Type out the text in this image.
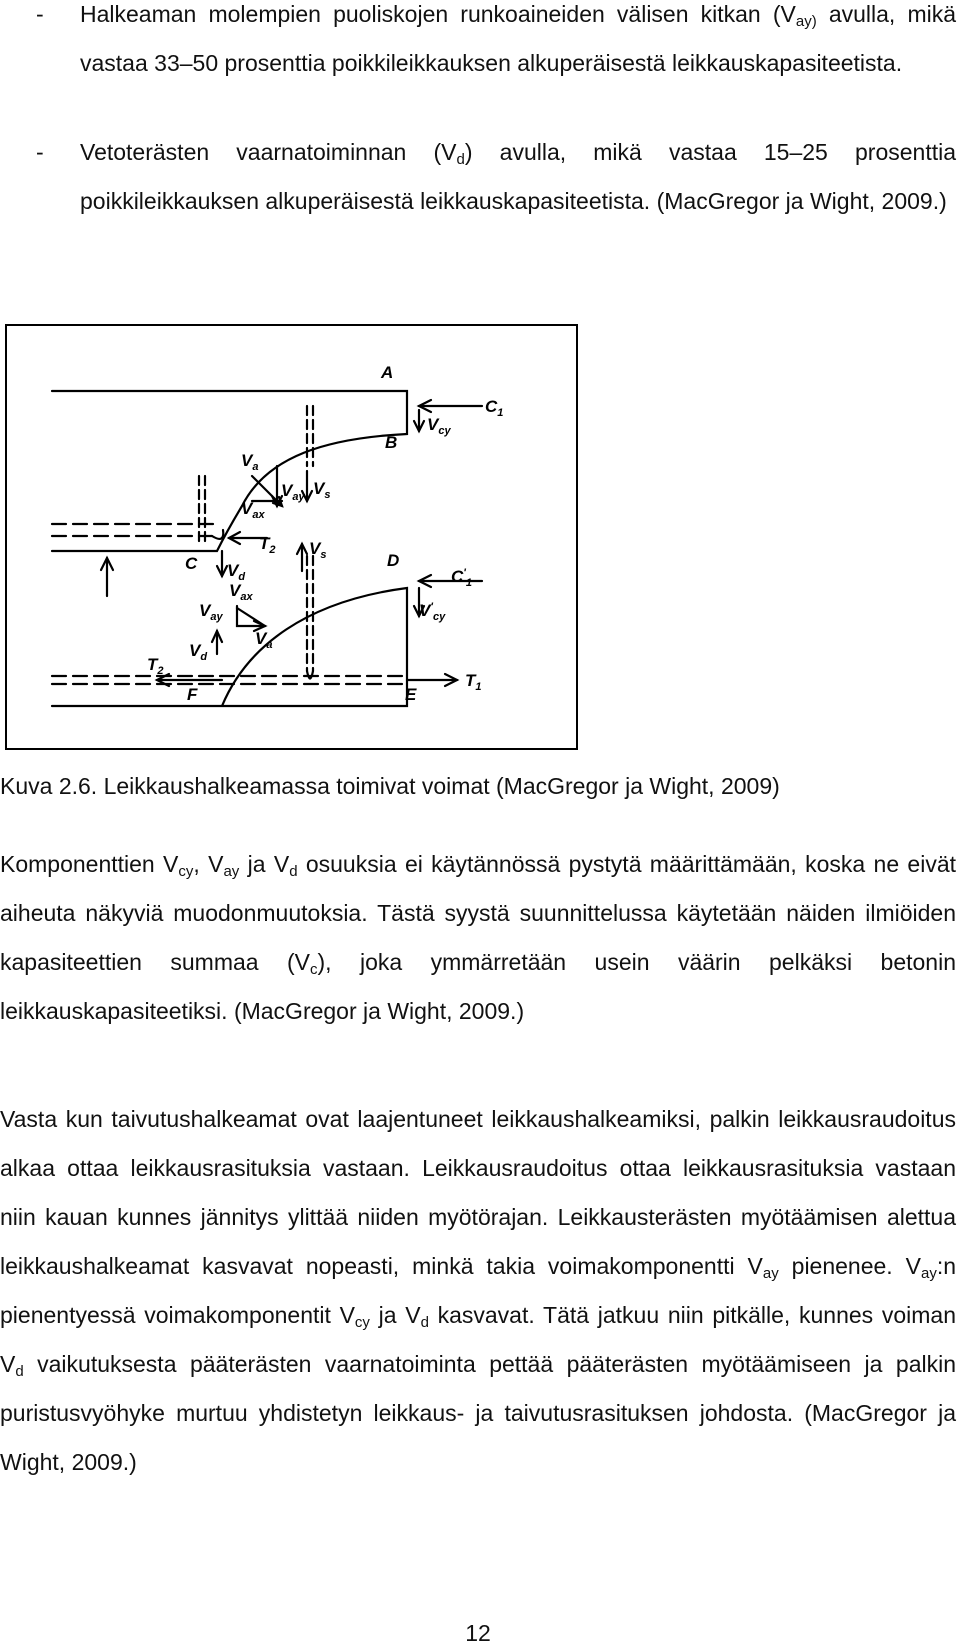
- Halkeaman molempien puoliskojen runkoaineiden välisen kitkan ($V_{ay)}$ avulla, mikä vastaa 33–50 prosenttia poikkileikkauksen alkuperäisestä leikkauskapasiteetista.
- Vetoterästen vaarnatoiminnan $(V_d)$ avulla, mikä vastaa 15–25 prosenttia poikkileikkauksen alkuperäisestä leikkauskapasiteetista. (MacGregor ja Wight, 2009.)
A
B
$C_1$
$V_{cy}$
$V_a$
$V_{ay}$
$V_{ax}$
$V_s$
C
$T_2$ $V_s$
$V_d$
D
$C'_1$
$V'_{cy}$
$V_{ax}$
$V_{ay}$
$V_a$
$V_d$
$T_2$
F	E
$T_1$
Kuva 2.6. Leikkaushalkeamassa toimivat voimat (MacGregor ja Wight, 2009)
Komponenttien $V_{cy}$, $V_{ay}$ ja $V_d$ osuuksia ei käytännössä pystytä määrittämään, koska ne eivät aiheuta näkyviä muodonmuutoksia. Tästä syystä suunnittelussa käytetään näiden ilmiöiden kapasiteettien summaa $(V_c)$, joka ymmärretään usein väärin pelkäksi betonin leikkauskapasiteetiksi. (MacGregor ja Wight, 2009.)
Vasta kun taivutushalkeamat ovat laajentuneet leikkaushalkeamiksi, palkin leikkausraudoitus alkaa ottaa leikkausrasituksia vastaan. Leikkausraudoitus ottaa leikkausrasituksia vastaan niin kauan kunnes jännitys ylittää niiden myötörajan. Leikkausterästen myötäämisen alettua leikkaushalkeamat kasvavat nopeasti, minkä takia voimakomponentti $V_{ay}$ pienenee. $V_{ay}:n$ pienentyessä voimakomponentit $V_{cy}$ ja $V_d$ kasvavat. Tätä jatkuu niin pitkälle, kunnes voiman $V_d$ vaikutuksesta pääterästen vaarnatoiminta pettää pääterästen myötäämiseen ja palkin puristusvyöhyke murtuu yhdistetyn leikkaus- ja taivutusrasituksen johdosta. (MacGregor ja Wight, 2009.)
12
